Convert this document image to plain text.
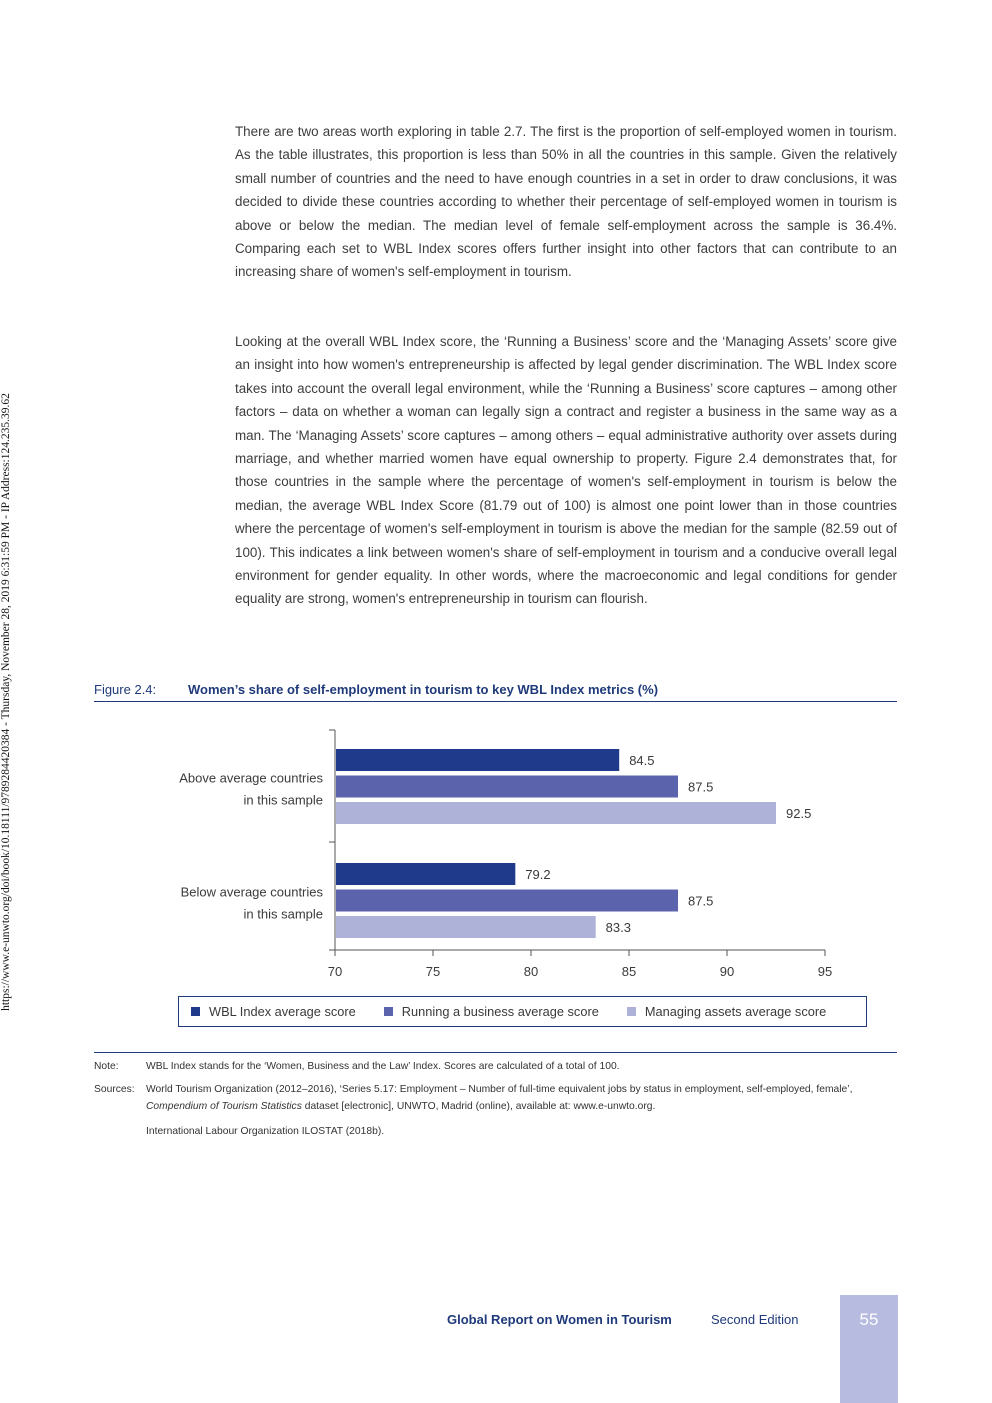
https://www.e-unwto.org/doi/book/10.18111/9789284420384 - Thursday, November 28, 2019 6:31:59 PM - IP Address:124.235.39.62

There are two areas worth exploring in table 2.7. The first is the proportion of self-employed women in tourism. As the table illustrates, this proportion is less than 50% in all the countries in this sample. Given the relatively small number of countries and the need to have enough countries in a set in order to draw conclusions, it was decided to divide these countries according to whether their percentage of self-employed women in tourism is above or below the median. The median level of female self-employment across the sample is 36.4%. Comparing each set to WBL Index scores offers further insight into other factors that can contribute to an increasing share of women's self-employment in tourism.

Looking at the overall WBL Index score, the ‘Running a Business’ score and the ‘Managing Assets’ score give an insight into how women's entrepreneurship is affected by legal gender discrimination. The WBL Index score takes into account the overall legal environment, while the ‘Running a Business’ score captures – among other factors – data on whether a woman can legally sign a contract and register a business in the same way as a man. The ‘Managing Assets’ score captures – among others – equal administrative authority over assets during marriage, and whether married women have equal ownership to property. Figure 2.4 demonstrates that, for those countries in the sample where the percentage of women's self-employment in tourism is below the median, the average WBL Index Score (81.79 out of 100) is almost one point lower than in those countries where the percentage of women's self-employment in tourism is above the median for the sample (82.59 out of 100). This indicates a link between women's share of self-employment in tourism and a conducive overall legal environment for gender equality. In other words, where the macroeconomic and legal conditions for gender equality are strong, women's entrepreneurship in tourism can flourish.

Figure 2.4: Women’s share of self-employment in tourism to key WBL Index metrics (%)
70	75	80	85	90	95
Above average countries
in this sample
84.5
87.5
92.5
Below average countries
in this sample
79.2
87.5
83.3
WBL Index average score	Running a business average score	Managing assets average score
Note:	WBL Index stands for the ‘Women, Business and the Law’ Index. Scores are calculated of a total of 100.
Sources: World Tourism Organization (2012–2016), ‘Series 5.17: Employment – Number of full-time equivalent jobs by status in employment, self-employed, female’, Compendium of Tourism Statistics dataset [electronic], UNWTO, Madrid (online), available at: www.e-unwto.org.
International Labour Organization ILOSTAT (2018b).
Global Report on Women in Tourism	Second Edition	55
